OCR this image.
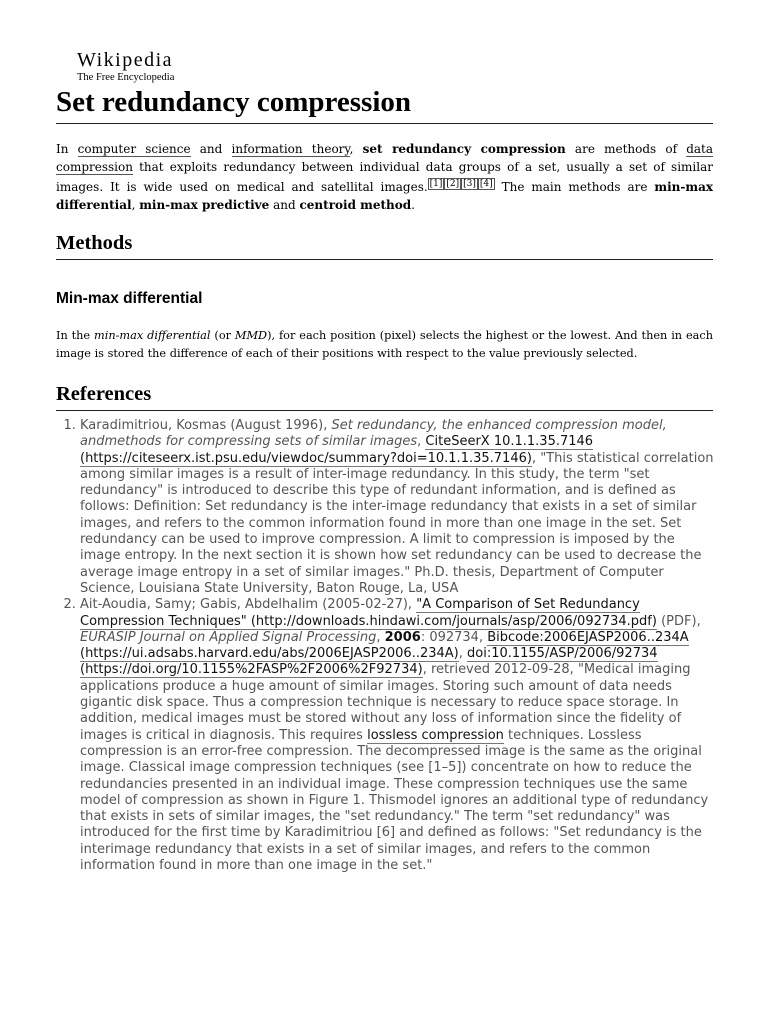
Wikipedia
The Free Encyclopedia
Set redundancy compression

In computer science and information theory, set redundancy compression are methods of data compression that exploits redundancy between individual data groups of a set, usually a set of similar images. It is wide used on medical and satellital images. [1] [2] [3] [4] The main methods are min-max differential, min-max predictive and centroid method.

Methods
Min-max differential

In the min-max differential (or MMD), for each position (pixel) selects the highest or the lowest. And then in each image is stored the difference of each of their positions with respect to the value previously selected.

References
1. Karadimitriou, Kosmas (August 1996), Set redundancy, the enhanced compression model, andmethods for compressing sets of similar images, CiteSeerX 10.1.1.35.7146 (https://citeseerx.ist.psu.edu/viewdoc/summary?doi=10.1.1.35.7146), "This statistical correlation among similar images is a result of inter-image redundancy. In this study, the term "set redundancy" is introduced to describe this type of redundant information, and is defined as follows: Definition: Set redundancy is the inter-image redundancy that exists in a set of similar images, and refers to the common information found in more than one image in the set. Set redundancy can be used to improve compression. A limit to compression is imposed by the image entropy. In the next section it is shown how set redundancy can be used to decrease the average image entropy in a set of similar images." Ph.D. thesis, Department of Computer Science, Louisiana State University, Baton Rouge, La, USA
2. Ait-Aoudia, Samy; Gabis, Abdelhalim (2005-02-27), "A Comparison of Set Redundancy Compression Techniques" (http://downloads.hindawi.com/journals/asp/2006/092734.pdf) (PDF), EURASIP Journal on Applied Signal Processing, 2006: 092734, Bibcode:2006EJASP2006..234A (https://ui.adsabs.harvard.edu/abs/2006EJASP2006..234A), doi:10.1155/ASP/2006/92734 (https://doi.org/10.1155%2FASP%2F2006%2F92734), retrieved 2012-09-28, "Medical imaging applications produce a huge amount of similar images. Storing such amount of data needs gigantic disk space. Thus a compression technique is necessary to reduce space storage. In addition, medical images must be stored without any loss of information since the fidelity of images is critical in diagnosis. This requires lossless compression techniques. Lossless compression is an error-free compression. The decompressed image is the same as the original image. Classical image compression techniques (see [1–5]) concentrate on how to reduce the redundancies presented in an individual image. These compression techniques use the same model of compression as shown in Figure 1. Thismodel ignores an additional type of redundancy that exists in sets of similar images, the "set redundancy." The term "set redundancy" was introduced for the first time by Karadimitriou [6] and defined as follows: "Set redundancy is the interimage redundancy that exists in a set of similar images, and refers to the common information found in more than one image in the set."
